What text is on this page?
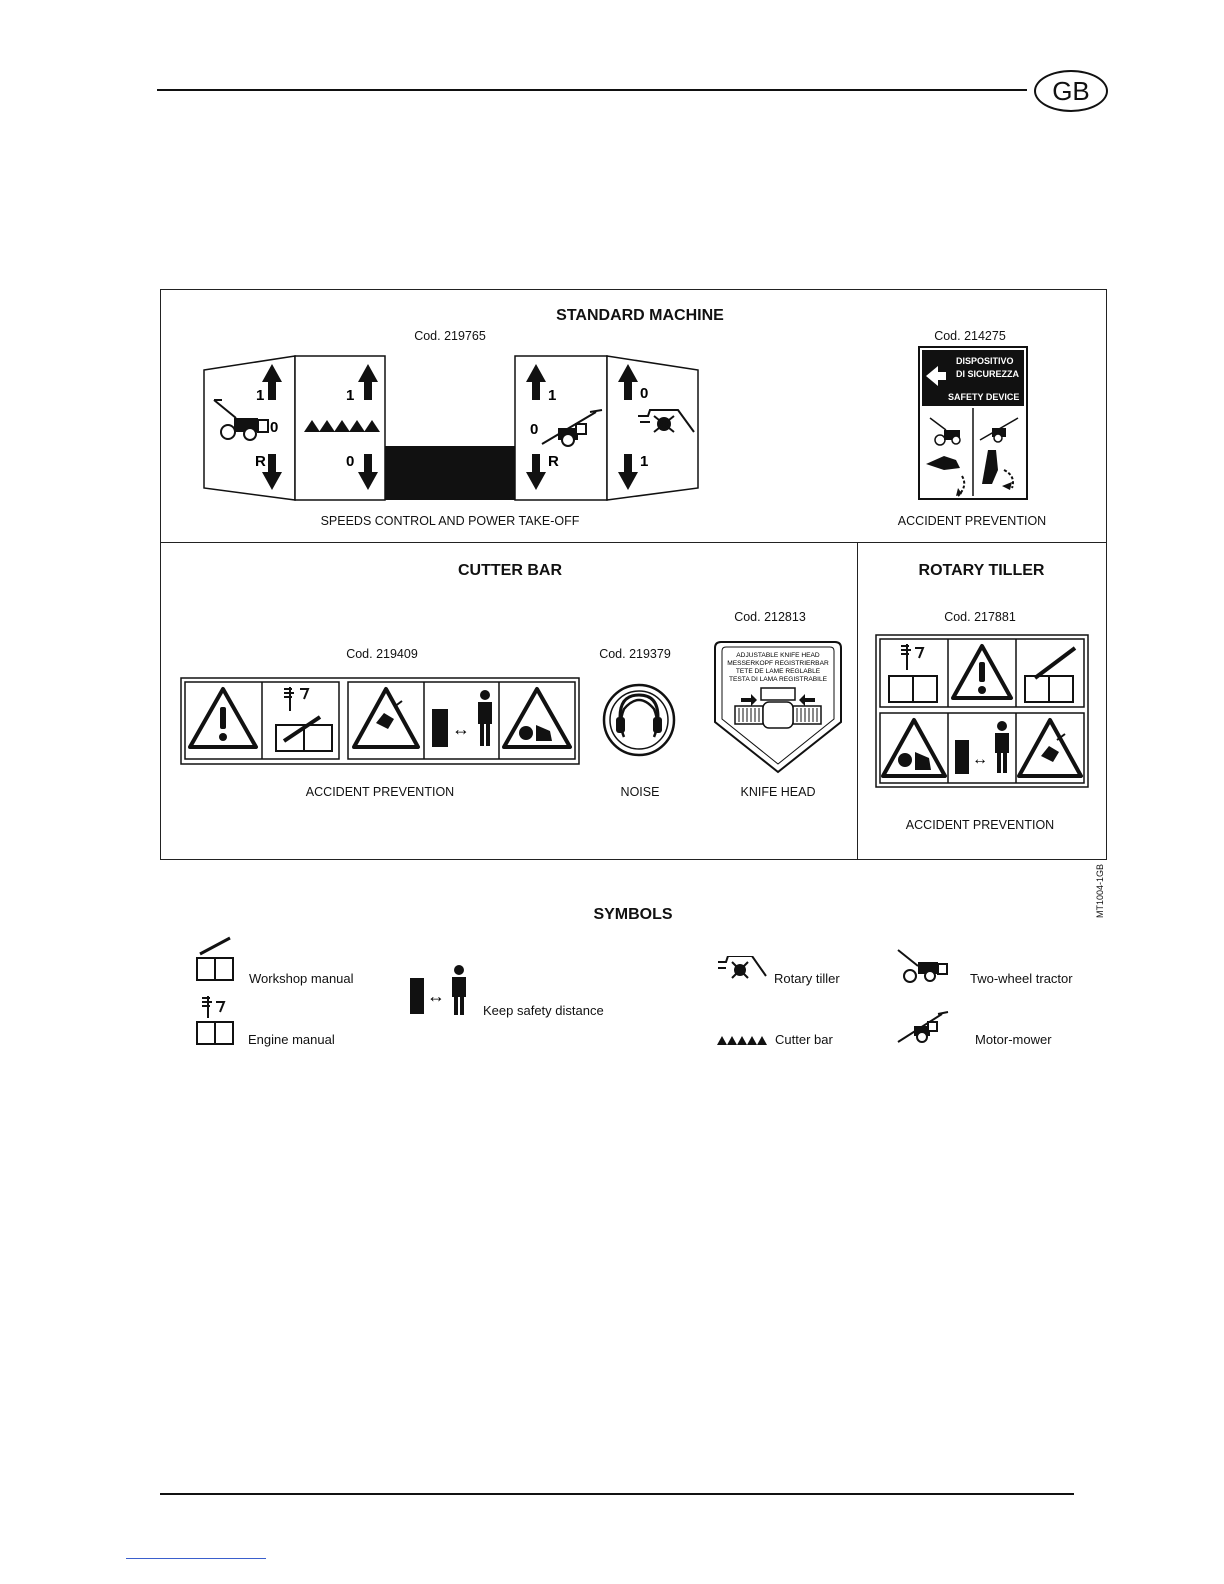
GB
STANDARD MACHINE
Cod. 219765	Cod. 214275
1
0
R
1
0
1
0
R
0
1
SPEEDS CONTROL AND POWER TAKE-OFF
DISPOSITIVO
DI SICUREZZA
SAFETY DEVICE
ACCIDENT PREVENTION
CUTTER BAR
Cod. 212813
Cod. 219409	Cod. 219379
↔
ACCIDENT PREVENTION	NOISE
ADJUSTABLE KNIFE HEAD
MESSERKOPF REGISTRIERBAR
TETE DE LAME REGLABLE
TESTA DI LAMA REGISTRABILE
KNIFE HEAD
ROTARY TILLER
Cod. 217881
↔
ACCIDENT PREVENTION
MT1004-1GB
SYMBOLS
Workshop manual
Engine manual
↔
Keep safety distance
Rotary tiller
Cutter bar
Two-wheel tractor
Motor-mower
